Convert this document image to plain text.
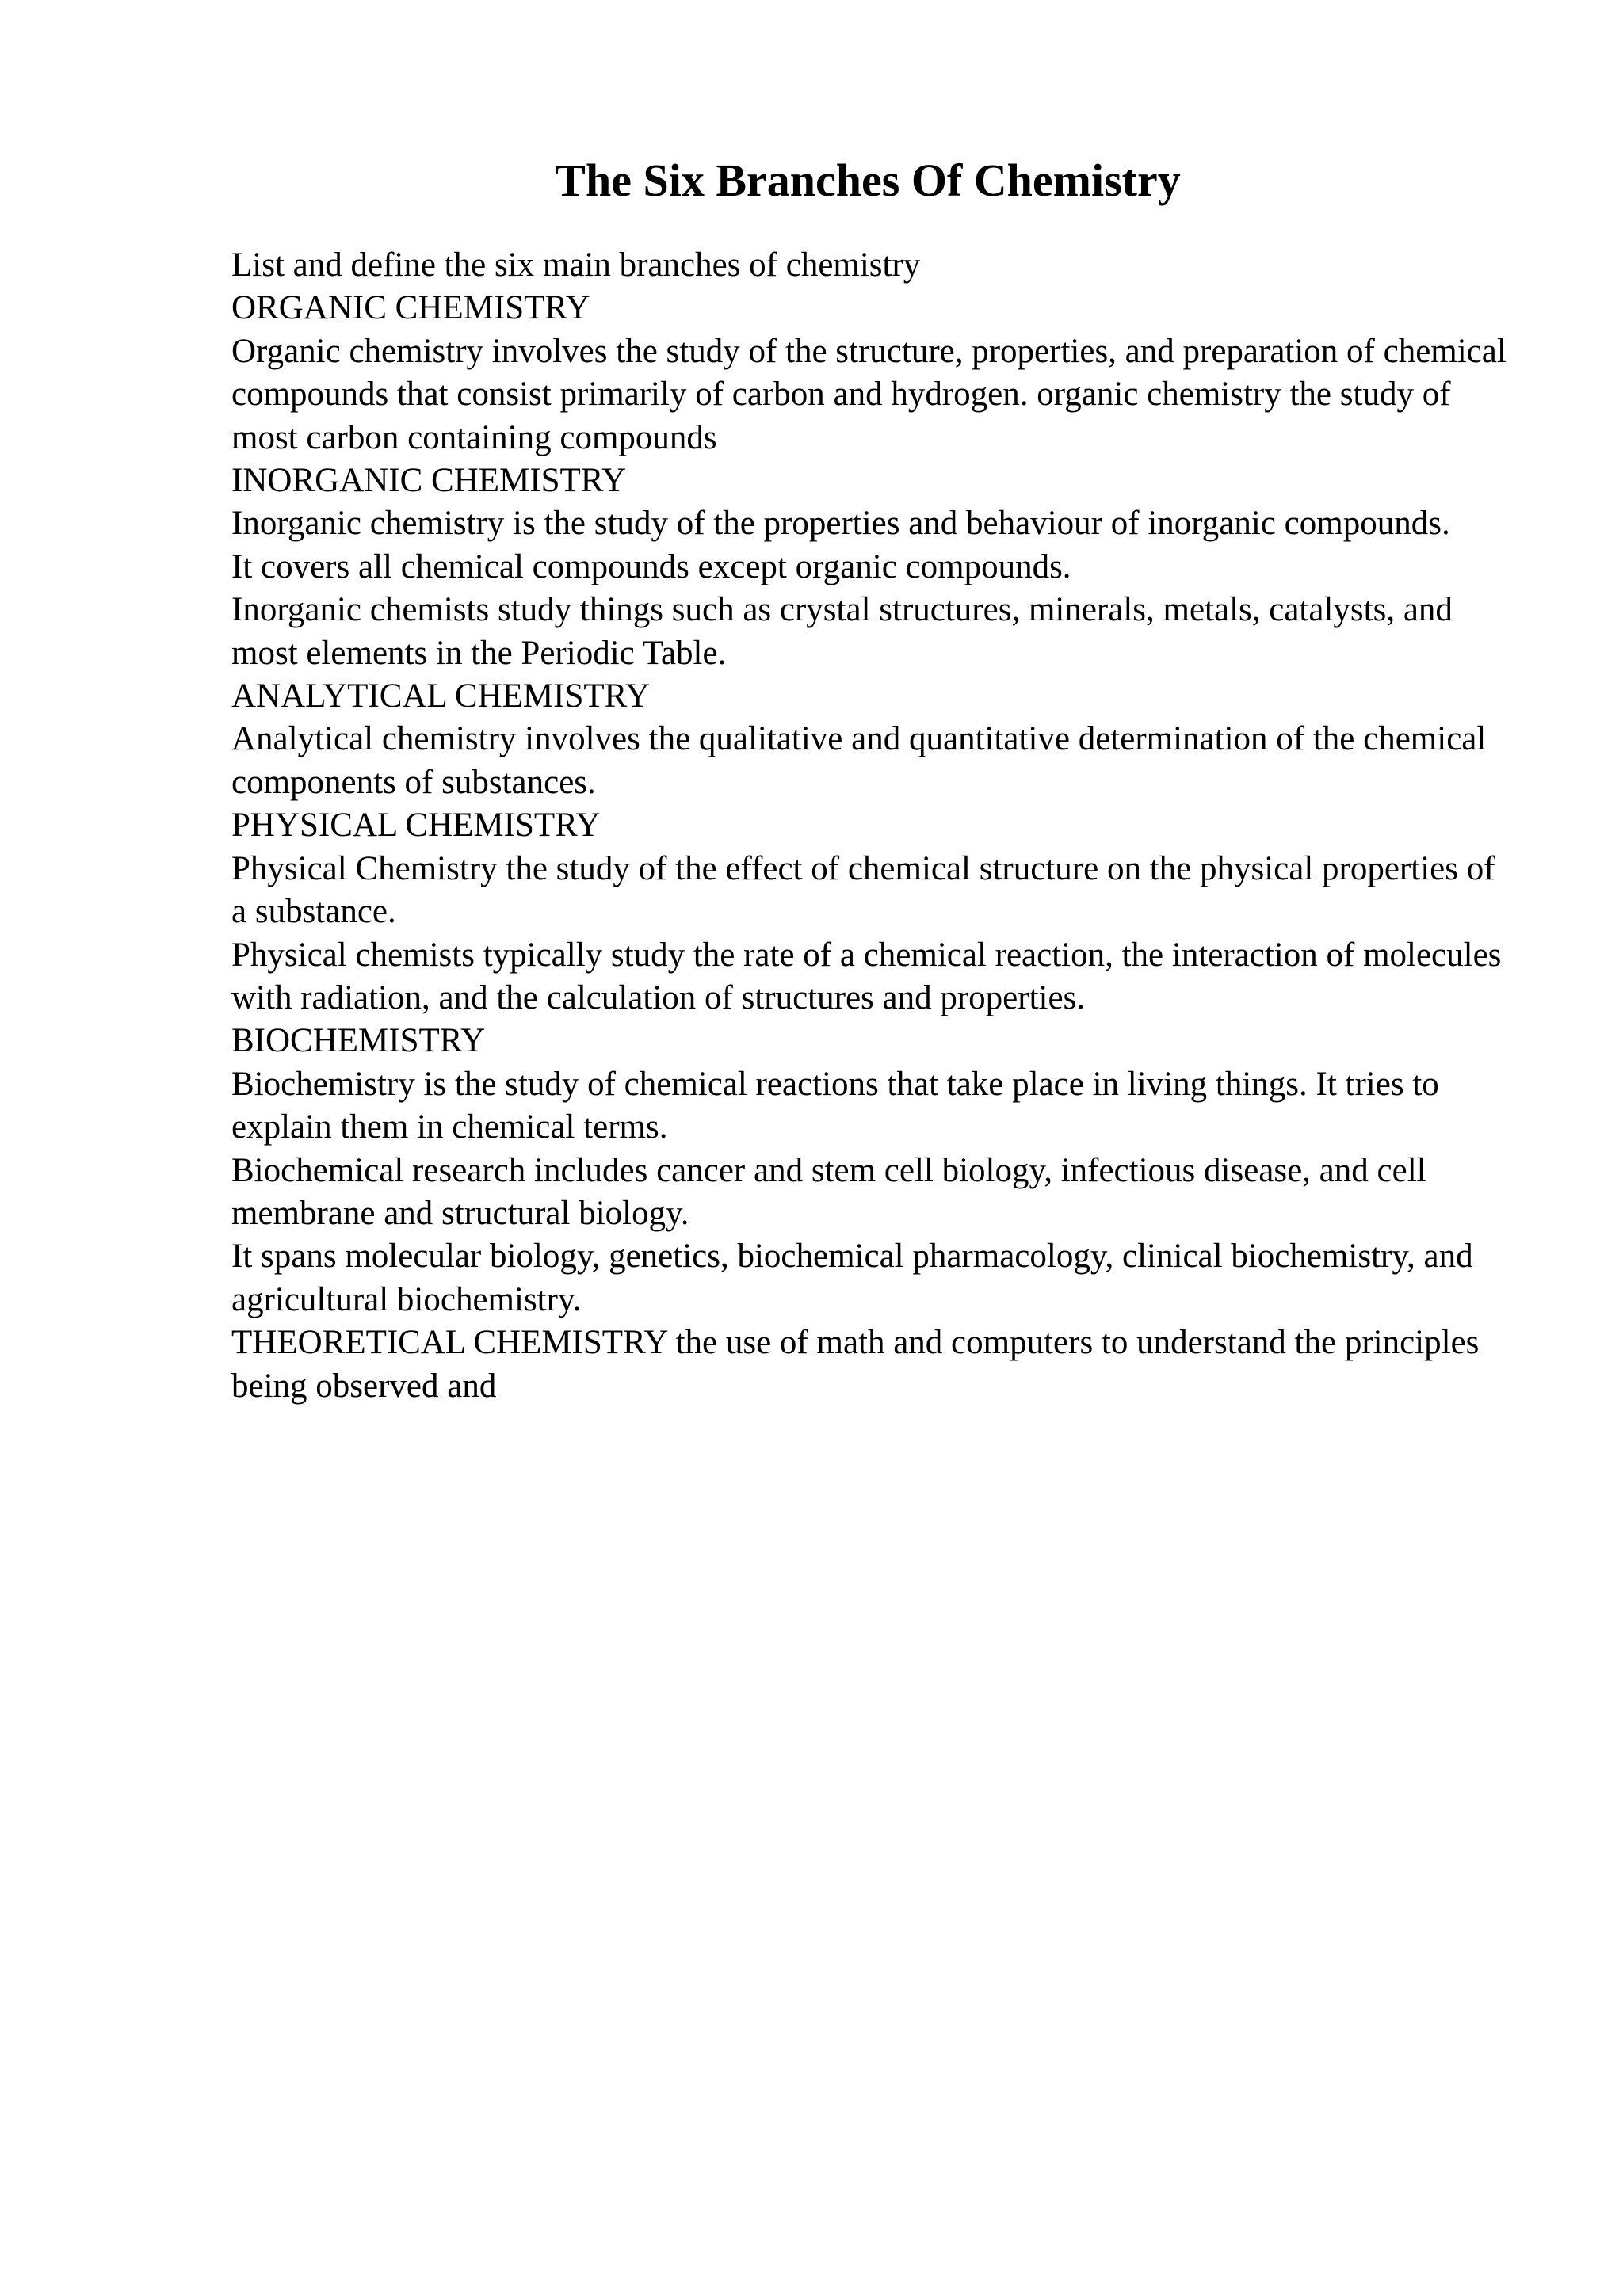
The Six Branches Of Chemistry

List and define the six main branches of chemistry

ORGANIC CHEMISTRY

Organic chemistry involves the study of the structure, properties, and preparation of chemical compounds that consist primarily of carbon and hydrogen. organic chemistry the study of most carbon containing compounds

INORGANIC CHEMISTRY

Inorganic chemistry is the study of the properties and behaviour of inorganic compounds.

It covers all chemical compounds except organic compounds.

Inorganic chemists study things such as crystal structures, minerals, metals, catalysts, and most elements in the Periodic Table.

ANALYTICAL CHEMISTRY

Analytical chemistry involves the qualitative and quantitative determination of the chemical components of substances.

PHYSICAL CHEMISTRY

Physical Chemistry the study of the effect of chemical structure on the physical properties of a substance.

Physical chemists typically study the rate of a chemical reaction, the interaction of molecules with radiation, and the calculation of structures and properties.

BIOCHEMISTRY

Biochemistry is the study of chemical reactions that take place in living things. It tries to explain them in chemical terms.

Biochemical research includes cancer and stem cell biology, infectious disease, and cell membrane and structural biology.

It spans molecular biology, genetics, biochemical pharmacology, clinical biochemistry, and agricultural biochemistry.

THEORETICAL CHEMISTRY the use of math and computers to understand the principles being observed and
